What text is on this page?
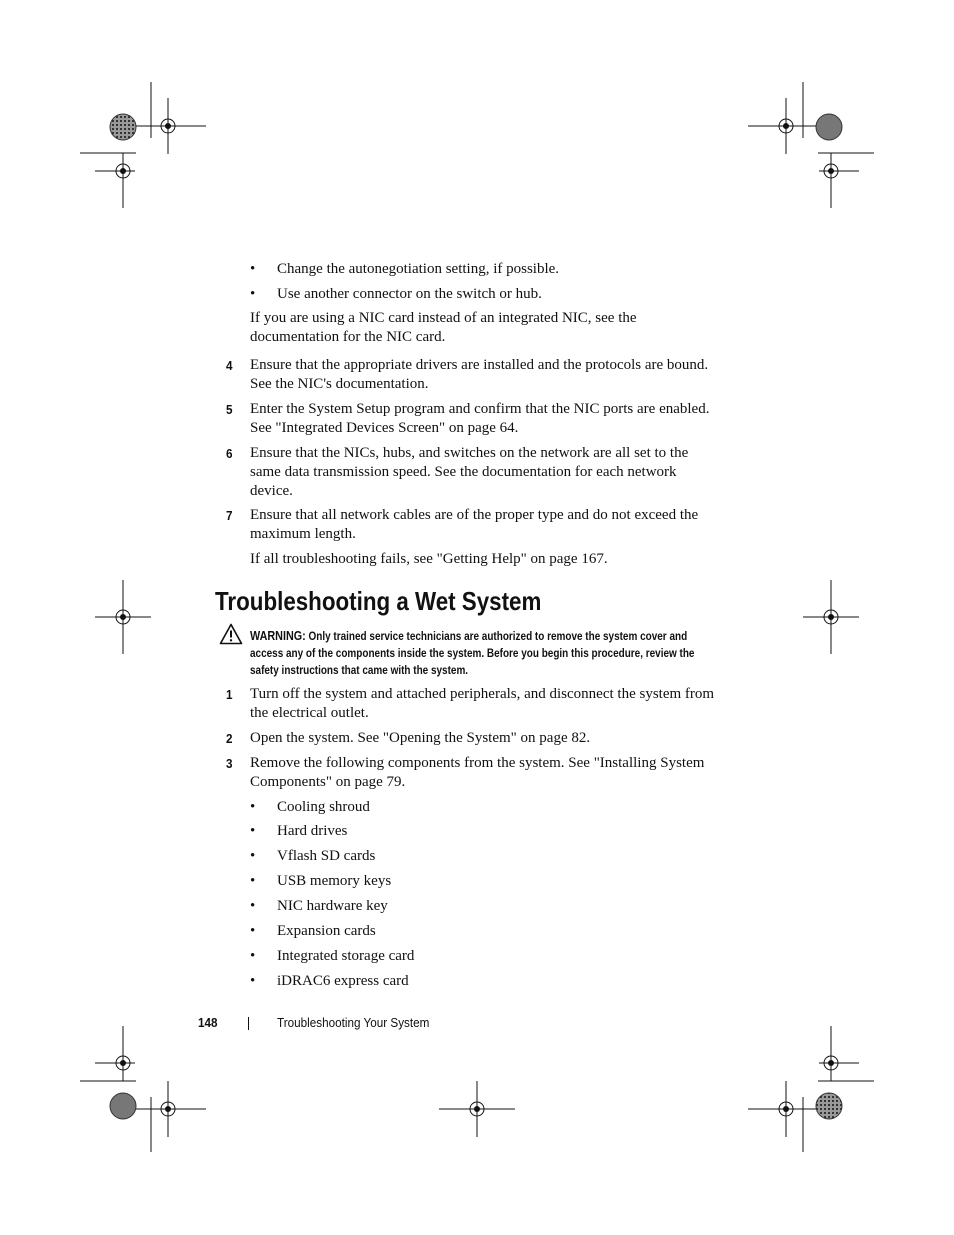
• Change the autonegotiation setting, if possible.
• Use another connector on the switch or hub.
If you are using a NIC card instead of an integrated NIC, see the documentation for the NIC card.
4 Ensure that the appropriate drivers are installed and the protocols are bound. See the NIC's documentation.
5 Enter the System Setup program and confirm that the NIC ports are enabled. See "Integrated Devices Screen" on page 64.
6 Ensure that the NICs, hubs, and switches on the network are all set to the same data transmission speed. See the documentation for each network device.
7 Ensure that all network cables are of the proper type and do not exceed the maximum length.
If all troubleshooting fails, see "Getting Help" on page 167.
Troubleshooting a Wet System
WARNING: Only trained service technicians are authorized to remove the system cover and access any of the components inside the system. Before you begin this procedure, review the safety instructions that came with the system.
1 Turn off the system and attached peripherals, and disconnect the system from the electrical outlet.
2 Open the system. See "Opening the System" on page 82.
3 Remove the following components from the system. See "Installing System Components" on page 79.
• Cooling shroud
• Hard drives
• Vflash SD cards
• USB memory keys
• NIC hardware key
• Expansion cards
• Integrated storage card
• iDRAC6 express card
148	Troubleshooting Your System
